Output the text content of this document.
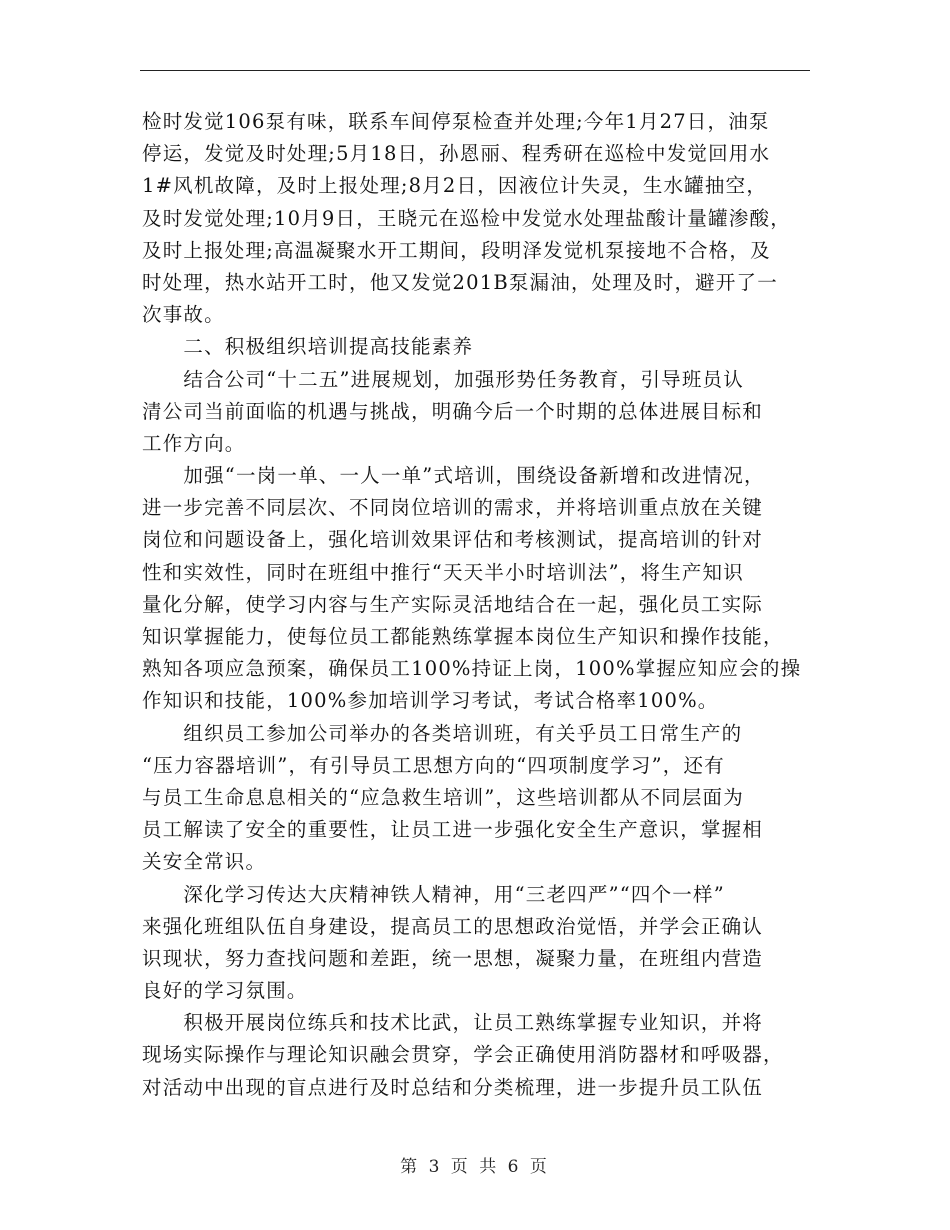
检时发觉106泵有味，联系车间停泵检查并处理;今年1月27日，油泵
停运，发觉及时处理;5月18日，孙恩丽、程秀研在巡检中发觉回用水
1#风机故障，及时上报处理;8月2日，因液位计失灵，生水罐抽空，
及时发觉处理;10月9日，王晓元在巡检中发觉水处理盐酸计量罐渗酸，
及时上报处理;高温凝聚水开工期间，段明泽发觉机泵接地不合格，及
时处理，热水站开工时，他又发觉201B泵漏油，处理及时，避开了一
次事故。
　　二、积极组织培训提高技能素养
　　结合公司“十二五”进展规划，加强形势任务教育，引导班员认
清公司当前面临的机遇与挑战，明确今后一个时期的总体进展目标和
工作方向。
　　加强“一岗一单、一人一单”式培训，围绕设备新增和改进情况，
进一步完善不同层次、不同岗位培训的需求，并将培训重点放在关键
岗位和问题设备上，强化培训效果评估和考核测试，提高培训的针对
性和实效性，同时在班组中推行“天天半小时培训法”，将生产知识
量化分解，使学习内容与生产实际灵活地结合在一起，强化员工实际
知识掌握能力，使每位员工都能熟练掌握本岗位生产知识和操作技能，
熟知各项应急预案，确保员工100%持证上岗，100%掌握应知应会的操
作知识和技能，100%参加培训学习考试，考试合格率100%。
　　组织员工参加公司举办的各类培训班，有关乎员工日常生产的
“压力容器培训”，有引导员工思想方向的“四项制度学习”，还有
与员工生命息息相关的“应急救生培训”，这些培训都从不同层面为
员工解读了安全的重要性，让员工进一步强化安全生产意识，掌握相
关安全常识。
　　深化学习传达大庆精神铁人精神，用“三老四严”“四个一样”
来强化班组队伍自身建设，提高员工的思想政治觉悟，并学会正确认
识现状，努力查找问题和差距，统一思想，凝聚力量，在班组内营造
良好的学习氛围。
　　积极开展岗位练兵和技术比武，让员工熟练掌握专业知识，并将
现场实际操作与理论知识融会贯穿，学会正确使用消防器材和呼吸器，
对活动中出现的盲点进行及时总结和分类梳理，进一步提升员工队伍
第 3 页 共 6 页
